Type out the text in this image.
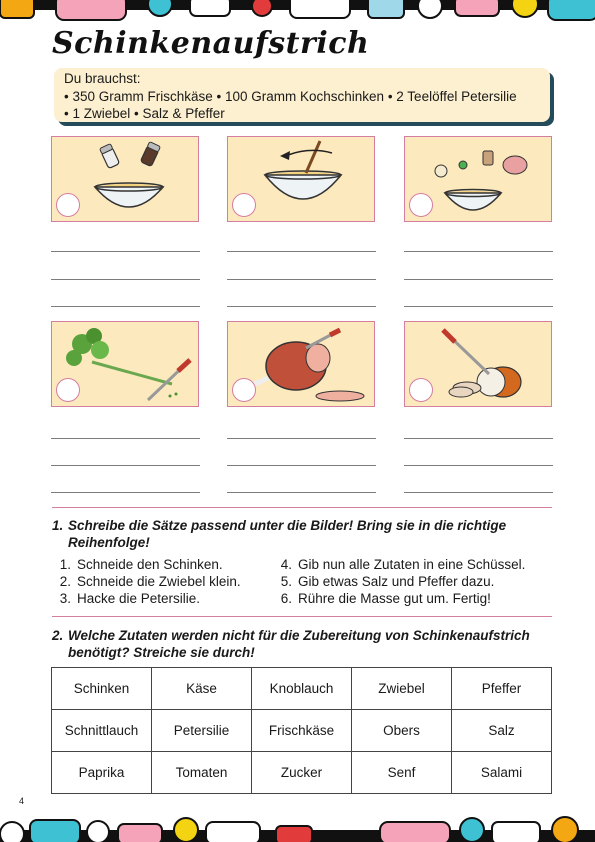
Schinkenaufstrich
Du brauchst:
• 350 Gramm Frischkäse • 100 Gramm Kochschinken • 2 Teelöffel Petersilie
• 1 Zwiebel • Salz & Pfeffer
1. Schreibe die Sätze passend unter die Bilder! Bring sie in die richtige Reihenfolge!
1. Schneide den Schinken.
2. Schneide die Zwiebel klein.
3. Hacke die Petersilie.
4. Gib nun alle Zutaten in eine Schüssel.
5. Gib etwas Salz und Pfeffer dazu.
6. Rühre die Masse gut um. Fertig!
2. Welche Zutaten werden nicht für die Zubereitung von Schinkenaufstrich benötigt? Streiche sie durch!
Schinken	Käse	Knoblauch	Zwiebel	Pfeffer
Schnittlauch	Petersilie	Frischkäse	Obers	Salz
Paprika	Tomaten	Zucker	Senf	Salami
4
